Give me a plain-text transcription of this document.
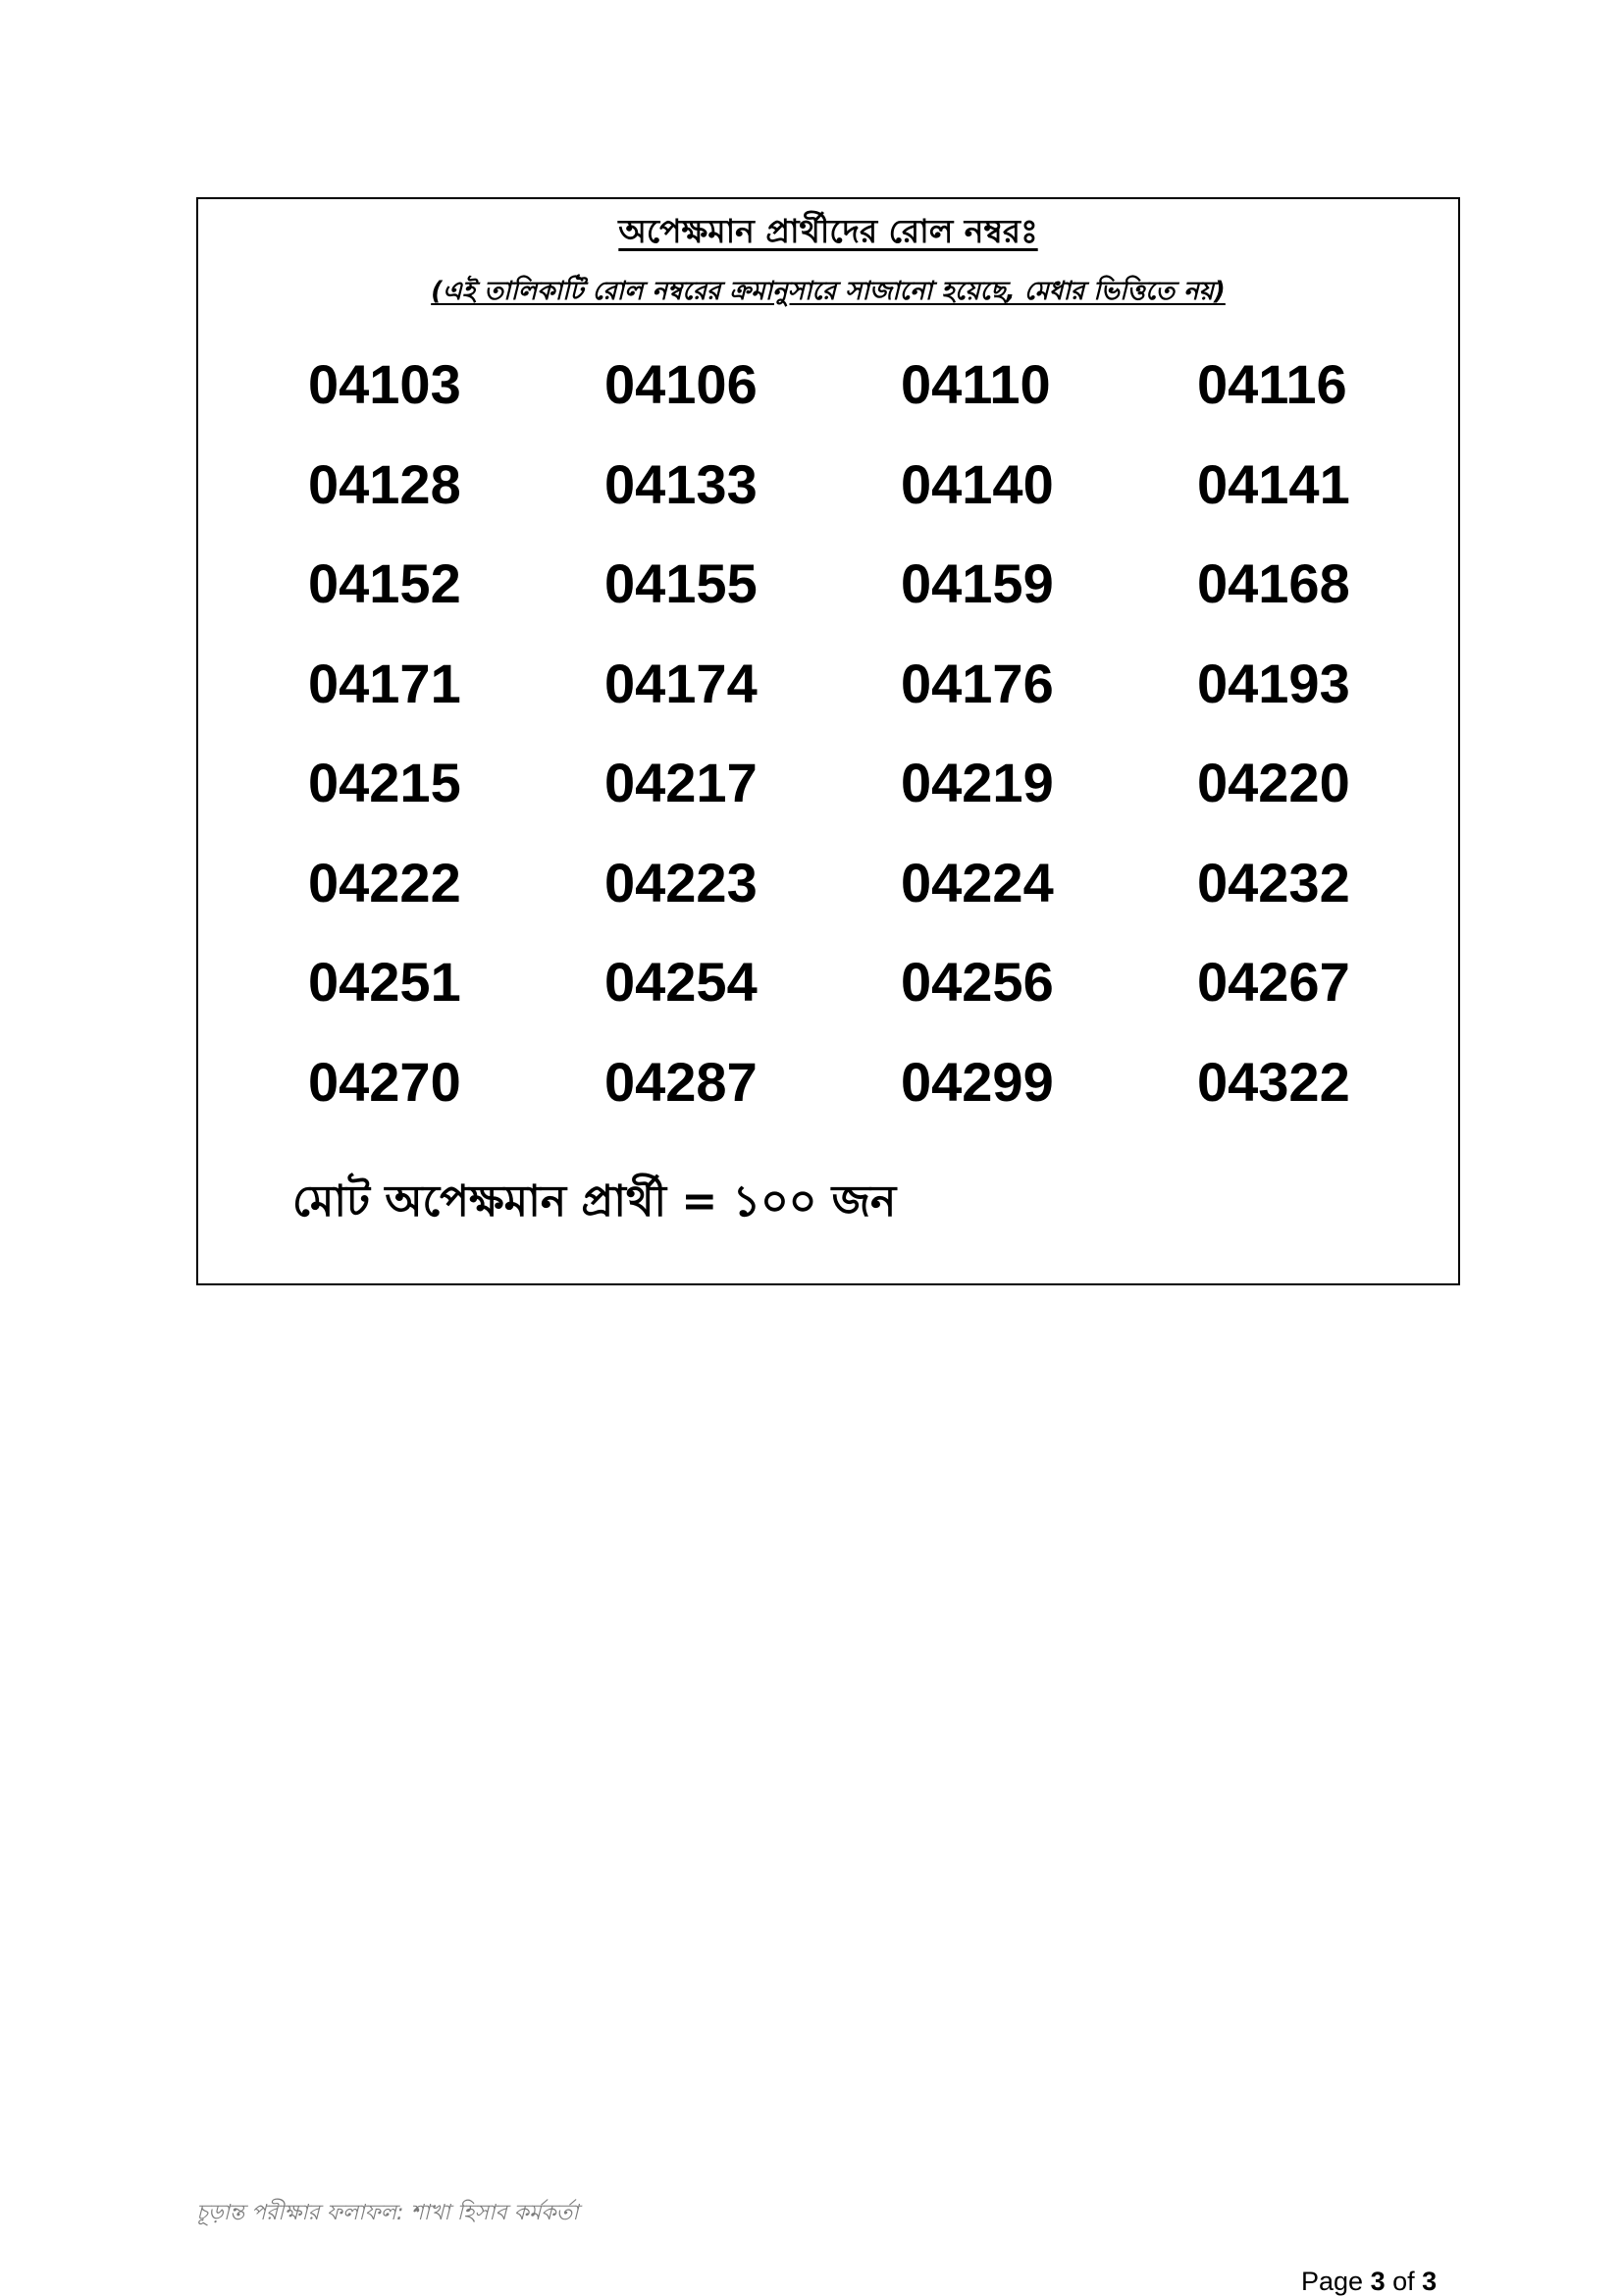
অপেক্ষমান প্রার্থীদের রোল নম্বরঃ
(এই তালিকাটি রোল নম্বরের ক্রমানুসারে সাজানো হয়েছে, মেধার ভিত্তিতে নয়)
04103	04106	04110	04116
04128	04133	04140	04141
04152	04155	04159	04168
04171	04174	04176	04193
04215	04217	04219	04220
04222	04223	04224	04232
04251	04254	04256	04267
04270	04287	04299	04322
মোট অপেক্ষমান প্রার্থী = ১০০ জন
চূড়ান্ত পরীক্ষার ফলাফল: শাখা হিসাব কর্মকর্তা
Page 3 of 3
